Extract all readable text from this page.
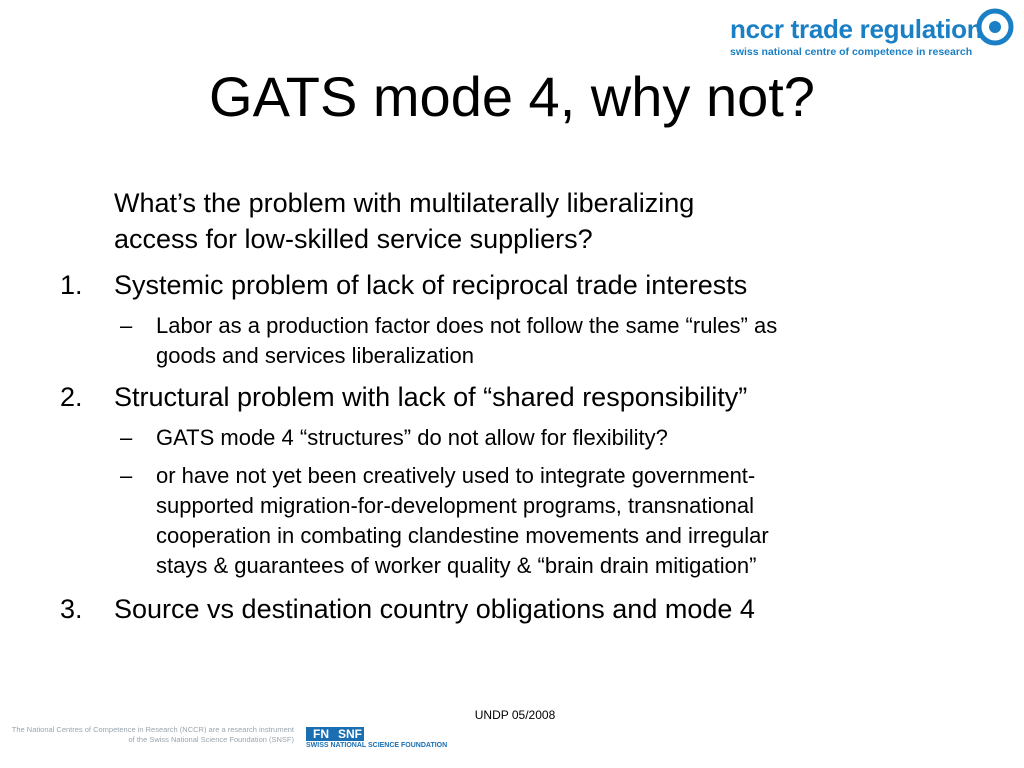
nccr trade regulation
swiss national centre of competence in research
GATS mode 4, why not?
What’s the problem with multilaterally liberalizing
access for low-skilled service suppliers?
1. Systemic problem of lack of reciprocal trade interests
– Labor as a production factor does not follow the same “rules” as
goods and services liberalization
2. Structural problem with lack of “shared responsibility”
– GATS mode 4 “structures” do not allow for flexibility?
– or have not yet been creatively used to integrate government-
supported migration-for-development programs, transnational
cooperation in combating clandestine movements and irregular
stays & guarantees of worker quality & “brain drain mitigation”
3. Source vs destination country obligations and mode 4
UNDP 05/2008
The National Centres of Competence in Research (NCCR) are a research instrument
of the Swiss National Science Foundation (SNSF)	FN SNF
SWISS NATIONAL SCIENCE FOUNDATION
